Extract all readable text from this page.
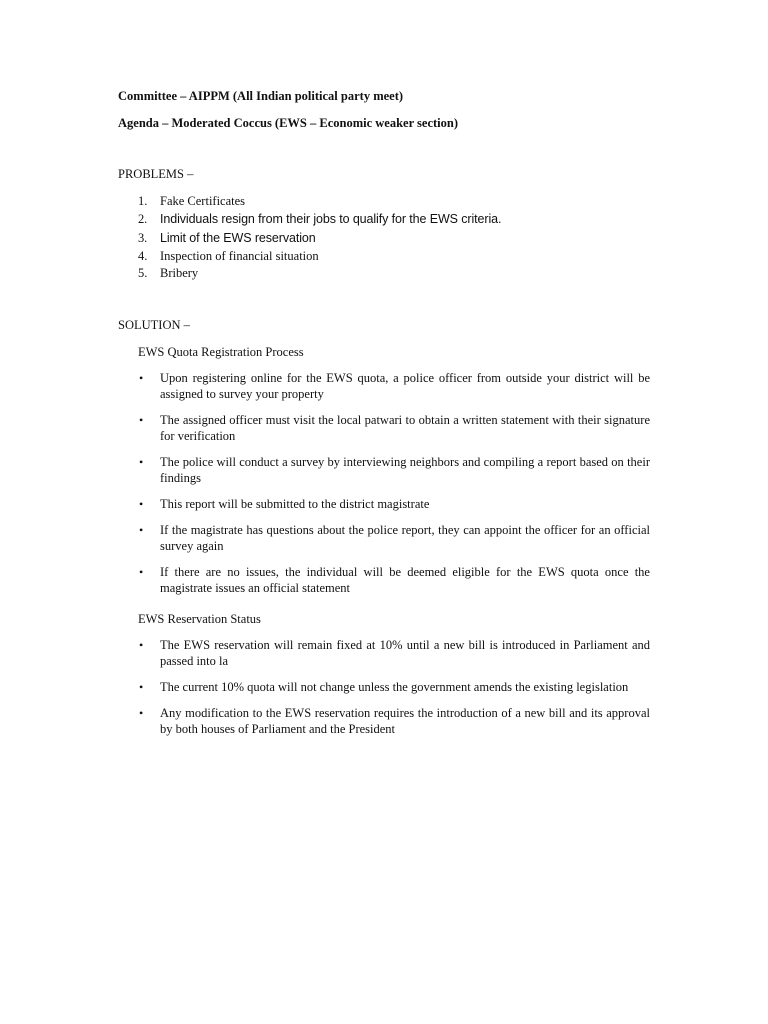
Committee – AIPPM (All Indian political party meet)

Agenda – Moderated Coccus (EWS – Economic weaker section)

PROBLEMS –

1. Fake Certificates
2. Individuals resign from their jobs to qualify for the EWS criteria.
3. Limit of the EWS reservation
4. Inspection of financial situation
5. Bribery

SOLUTION –

EWS Quota Registration Process

• Upon registering online for the EWS quota, a police officer from outside your district will be assigned to survey your property
• The assigned officer must visit the local patwari to obtain a written statement with their signature for verification
• The police will conduct a survey by interviewing neighbors and compiling a report based on their findings
• This report will be submitted to the district magistrate
• If the magistrate has questions about the police report, they can appoint the officer for an official survey again
• If there are no issues, the individual will be deemed eligible for the EWS quota once the magistrate issues an official statement

EWS Reservation Status

• The EWS reservation will remain fixed at 10% until a new bill is introduced in Parliament and passed into la
• The current 10% quota will not change unless the government amends the existing legislation
• Any modification to the EWS reservation requires the introduction of a new bill and its approval by both houses of Parliament and the President
